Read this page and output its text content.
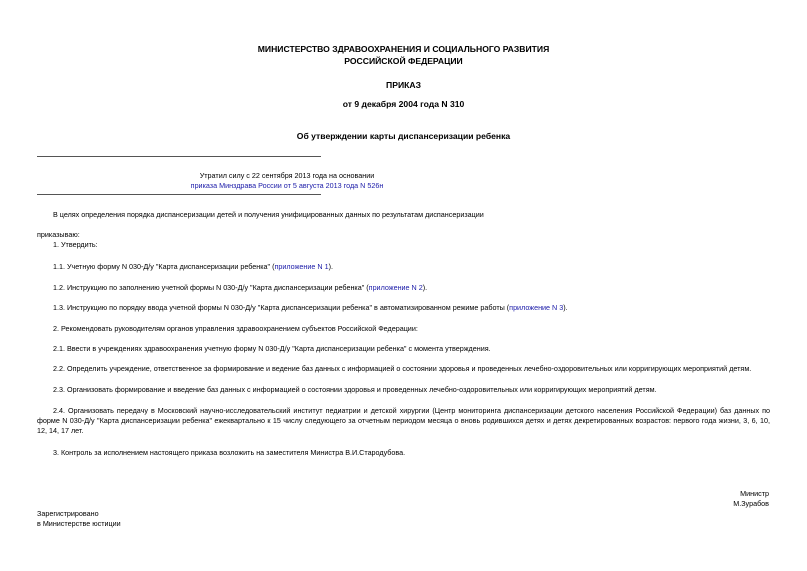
МИНИСТЕРСТВО ЗДРАВООХРАНЕНИЯ И СОЦИАЛЬНОГО РАЗВИТИЯ
РОССИЙСКОЙ ФЕДЕРАЦИИ
ПРИКАЗ
от 9 декабря 2004 года N 310
Об утверждении карты диспансеризации ребенка
Утратил силу с 22 сентября 2013 года на основании
приказа Минздрава России от 5 августа 2013 года N 526н
В целях определения порядка диспансеризации детей и получения унифицированных данных по результатам диспансеризации
приказываю:
1. Утвердить:
1.1. Учетную форму N 030-Д/у "Карта диспансеризации ребенка" (приложение N 1).
1.2. Инструкцию по заполнению учетной формы N 030-Д/у "Карта диспансеризации ребенка" (приложение N 2).
1.3. Инструкцию по порядку ввода учетной формы N 030-Д/у "Карта диспансеризации ребенка" в автоматизированном режиме работы (приложение N 3).
2. Рекомендовать руководителям органов управления здравоохранением субъектов Российской Федерации:
2.1. Ввести в учреждениях здравоохранения учетную форму N 030-Д/у "Карта диспансеризации ребенка" с момента утверждения.
2.2. Определить учреждение, ответственное за формирование и ведение баз данных с информацией о состоянии здоровья и проведенных лечебно-оздоровительных или корригирующих мероприятий детям.
2.3. Организовать формирование и введение баз данных с информацией о состоянии здоровья и проведенных лечебно-оздоровительных или корригирующих мероприятий детям.
2.4. Организовать передачу в Московский научно-исследовательский институт педиатрии и детской хирургии (Центр мониторинга диспансеризации детского населения Российской Федерации) баз данных по форме N 030-Д/у "Карта диспансеризации ребенка" ежеквартально к 15 числу следующего за отчетным периодом месяца о вновь родившихся детях и детях декретированных возрастов: первого года жизни, 3, 6, 10, 12, 14, 17 лет.
3. Контроль за исполнением настоящего приказа возложить на заместителя Министра В.И.Стародубова.
Министр
М.Зурабов
Зарегистрировано
в Министерстве юстиции
